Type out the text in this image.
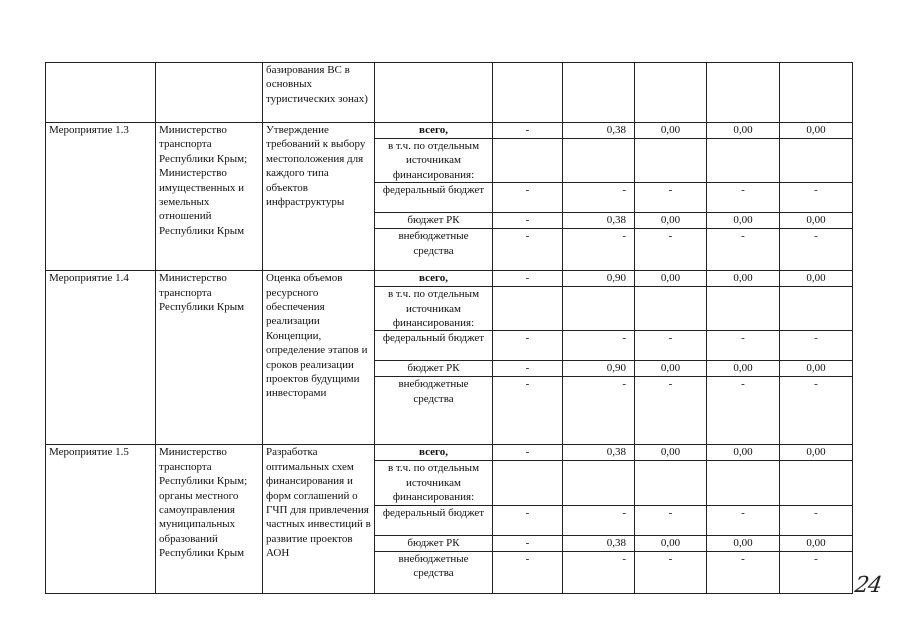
		базирования ВС в основных туристических зонах)						
Мероприятие 1.3	Министерство транспорта Республики Крым; Министерство имущественных и земельных отношений Республики Крым	Утверждение требований к выбору местоположения для каждого типа объектов инфраструктуры	всего,	-	0,38	0,00	0,00	0,00
			в т.ч. по отдельным источникам финансирования:					
			федеральный бюджет	-	-	-	-	-
			бюджет РК	-	0,38	0,00	0,00	0,00
			внебюджетные средства	-	-	-	-	-
Мероприятие 1.4	Министерство транспорта Республики Крым	Оценка объемов ресурсного обеспечения реализации Концепции, определение этапов и сроков реализации проектов будущими инвесторами	всего,	-	0,90	0,00	0,00	0,00
			в т.ч. по отдельным источникам финансирования:					
			федеральный бюджет	-	-	-	-	-
			бюджет РК	-	0,90	0,00	0,00	0,00
			внебюджетные средства	-	-	-	-	-
Мероприятие 1.5	Министерство транспорта Республики Крым; органы местного самоуправления муниципальных образований Республики Крым	Разработка оптимальных схем финансирования и форм соглашений о ГЧП для привлечения частных инвестиций в развитие проектов АОН	всего,	-	0,38	0,00	0,00	0,00
			в т.ч. по отдельным источникам финансирования:					
			федеральный бюджет	-	-	-	-	-
			бюджет РК	-	0,38	0,00	0,00	0,00
			внебюджетные средства	-	-	-	-	-
24
